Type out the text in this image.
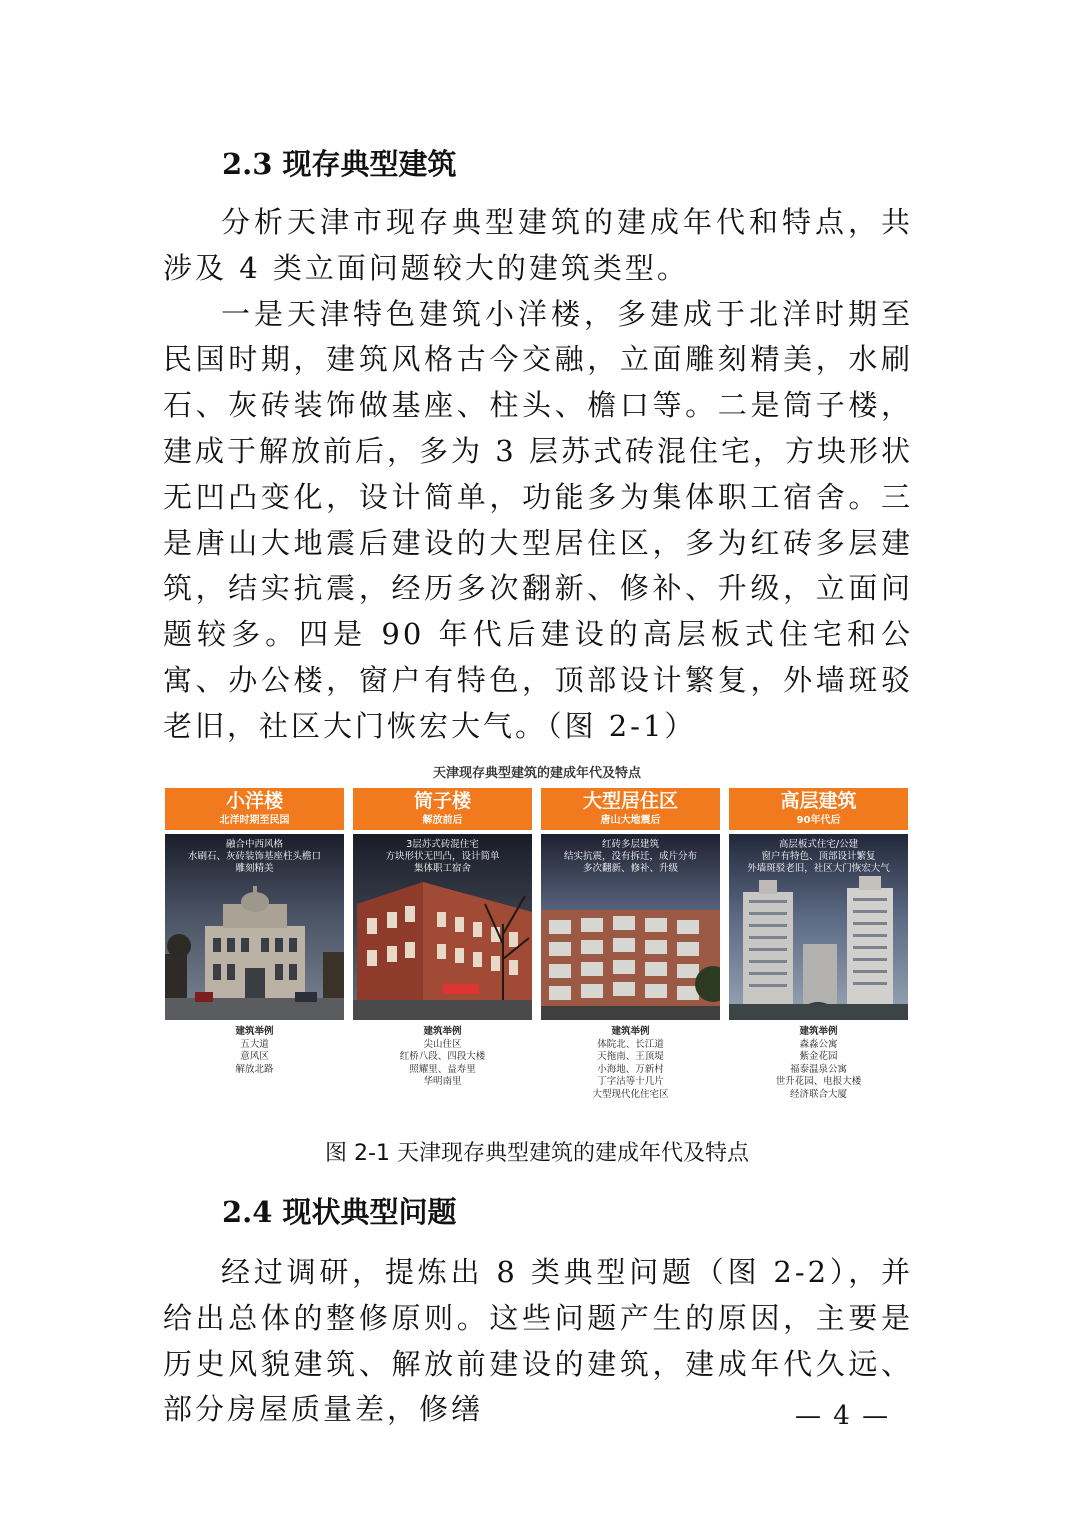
2.3 现存典型建筑

分析天津市现存典型建筑的建成年代和特点，共涉及 4 类立面问题较大的建筑类型。

一是天津特色建筑小洋楼，多建成于北洋时期至民国时期，建筑风格古今交融，立面雕刻精美，水刷石、灰砖装饰做基座、柱头、檐口等。二是筒子楼，建成于解放前后，多为 3 层苏式砖混住宅，方块形状无凹凸变化，设计简单，功能多为集体职工宿舍。三是唐山大地震后建设的大型居住区，多为红砖多层建筑，结实抗震，经历多次翻新、修补、升级，立面问题较多。四是 90 年代后建设的高层板式住宅和公寓、办公楼，窗户有特色，顶部设计繁复，外墙斑驳老旧，社区大门恢宏大气。（图 2-1）

天津现存典型建筑的建成年代及特点
小洋楼
北洋时期至民国
融合中西风格
水刷石、灰砖装饰基座柱头檐口
雕刻精美
建筑举例
五大道
意风区
解放北路
筒子楼
解放前后
3层苏式砖混住宅
方块形状无凹凸，设计简单
集体职工宿舍
建筑举例
尖山住区
红桥八段、四段大楼
照耀里、益寿里
华明南里
大型居住区
唐山大地震后
红砖多层建筑
结实抗震，没有拆迁，成片分布
多次翻新、修补、升级
建筑举例
体院北、长江道
天拖南、王顶堤
小海地、万新村
丁字沽等十几片
大型现代化住宅区
高层建筑
90年代后
高层板式住宅/公建
窗户有特色、顶部设计繁复
外墙斑驳老旧，社区大门恢宏大气
建筑举例
森淼公寓
紫金花园
福泰温泉公寓
世升花园、电报大楼
经济联合大厦
图 2-1 天津现存典型建筑的建成年代及特点
2.4 现状典型问题

经过调研，提炼出 8 类典型问题（图 2-2），并给出总体的整修原则。这些问题产生的原因，主要是历史风貌建筑、解放前建设的建筑，建成年代久远、部分房屋质量差，修缮	— 4 —
